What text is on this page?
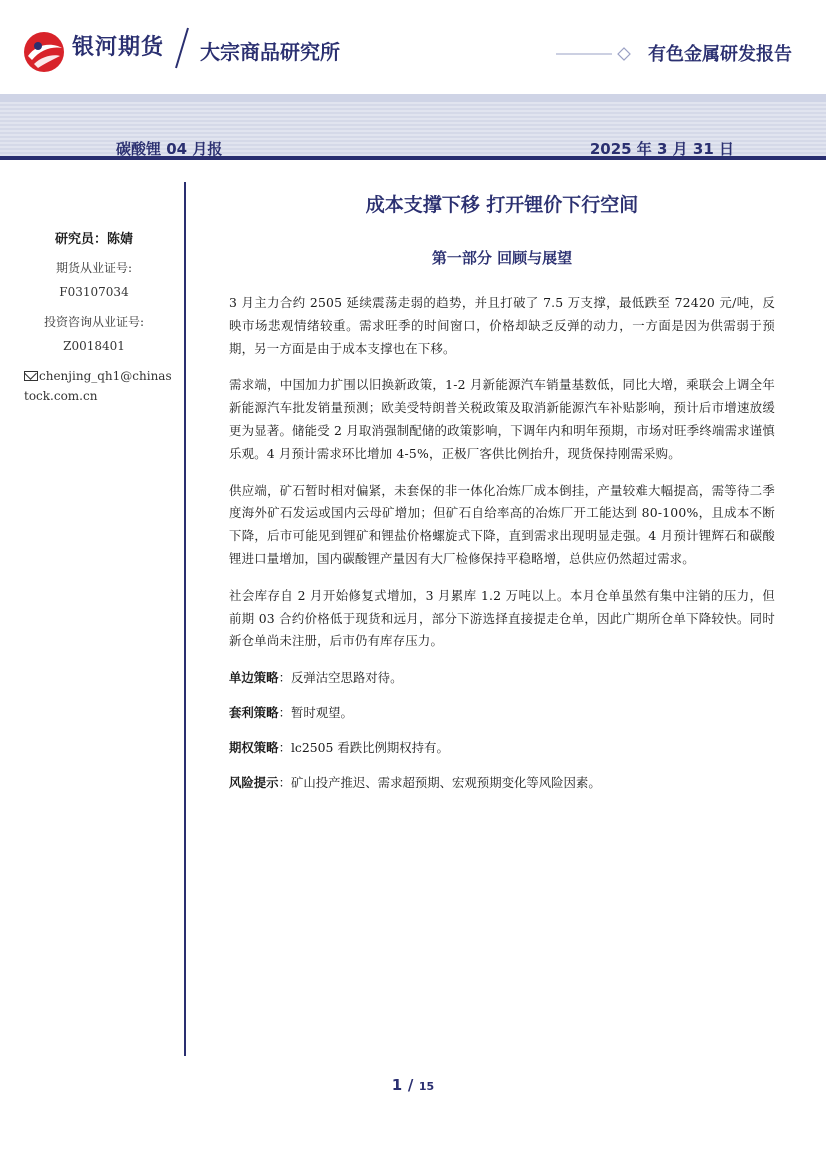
银河期货 大宗商品研究所	有色金属研发报告
碳酸锂 04 月报	2025 年 3 月 31 日
研究员：陈婧
期货从业证号:
F03107034
投资咨询从业证号:
Z0018401
chenjing_qh1@chinastock.com.cn
成本支撑下移 打开锂价下行空间
第一部分 回顾与展望

3 月主力合约 2505 延续震荡走弱的趋势，并且打破了 7.5 万支撑，最低跌至 72420 元/吨，反映市场悲观情绪较重。需求旺季的时间窗口，价格却缺乏反弹的动力，一方面是因为供需弱于预期，另一方面是由于成本支撑也在下移。

需求端，中国加力扩围以旧换新政策，1-2 月新能源汽车销量基数低，同比大增，乘联会上调全年新能源汽车批发销量预测；欧美受特朗普关税政策及取消新能源汽车补贴影响，预计后市增速放缓更为显著。储能受 2 月取消强制配储的政策影响，下调年内和明年预期，市场对旺季终端需求谨慎乐观。4 月预计需求环比增加 4-5%，正极厂客供比例抬升，现货保持刚需采购。

供应端，矿石暂时相对偏紧，未套保的非一体化冶炼厂成本倒挂，产量较难大幅提高，需等待二季度海外矿石发运或国内云母矿增加；但矿石自给率高的冶炼厂开工能达到 80-100%，且成本不断下降，后市可能见到锂矿和锂盐价格螺旋式下降，直到需求出现明显走强。4 月预计锂辉石和碳酸锂进口量增加，国内碳酸锂产量因有大厂检修保持平稳略增，总供应仍然超过需求。

社会库存自 2 月开始修复式增加，3 月累库 1.2 万吨以上。本月仓单虽然有集中注销的压力，但前期 03 合约价格低于现货和远月，部分下游选择直接提走仓单，因此广期所仓单下降较快。同时新仓单尚未注册，后市仍有库存压力。

单边策略：反弹沽空思路对待。
套利策略：暂时观望。
期权策略：lc2505 看跌比例期权持有。
风险提示：矿山投产推迟、需求超预期、宏观预期变化等风险因素。
1 / 15
